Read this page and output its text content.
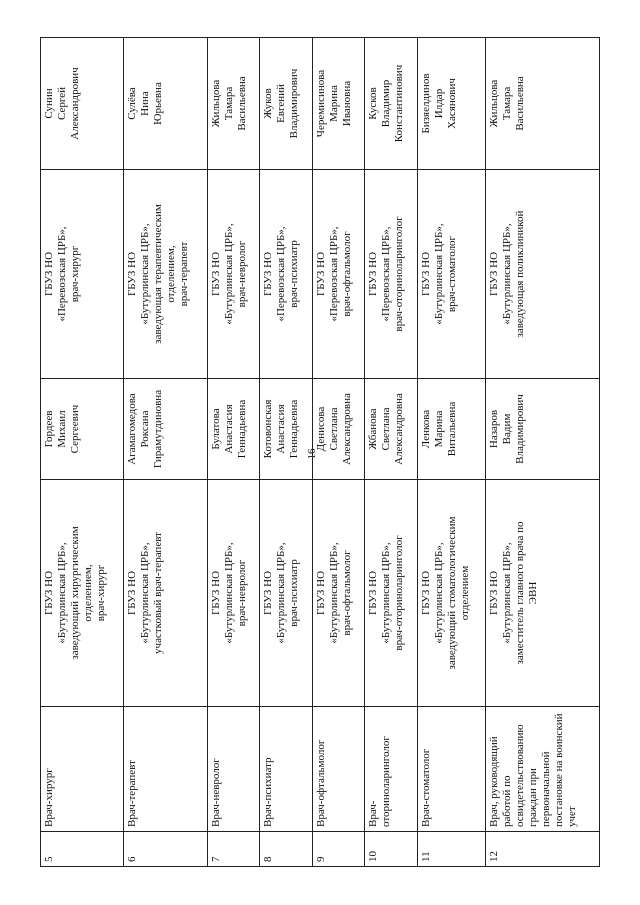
16
5	Врач-хирург	ГБУЗ НО «Бутурлинская ЦРБ», заведующий хирургическим отделением, врач-хирург	Гордеев Михаил Сергеевич	ГБУЗ НО «Перевозская ЦРБ», врач-хирург	Сунин Сергей Александрович

6	Врач-терапевт	ГБУЗ НО «Бутурлинская ЦРБ», участковый врач-терапевт	Агамагомедова Роксана Гирамутдиновна	ГБУЗ НО «Бутурлинская ЦРБ», заведующая терапевтическим отделением, врач-терапевт	Сулёва Нина Юрьевна

7	Врач-невролог	ГБУЗ НО «Бутурлинская ЦРБ», врач-невролог	Булатова Анастасия Геннадьевна	ГБУЗ НО «Бутурлинская ЦРБ», врач-невролог	Жильцова Тамара Васильевна

8	Врач-психиатр	ГБУЗ НО «Бутурлинская ЦРБ», врач-психиатр	Котовонская Анастасия Геннадьевна	ГБУЗ НО «Перевозская ЦРБ», врач-психиатр	Жуков Евгений Владимирович

9	Врач-офтальмолог	ГБУЗ НО «Бутурлинская ЦРБ», врач-офтальмолог	Денисова Светлана Александровна	ГБУЗ НО «Перевозская ЦРБ», врач-офтальмолог	Черемисинова Марина Ивановна

10	Врач-оториноларинголог	ГБУЗ НО «Бутурлинская ЦРБ», врач-оториноларинголог	Жбанова Светлана Александровна	ГБУЗ НО «Перевозская ЦРБ», врач-оториноларинголог	Кусков Владимир Константинович

11	Врач-стоматолог	ГБУЗ НО «Бутурлинская ЦРБ», заведующий стоматологическим отделением	Ленкова Марина Витальевна	ГБУЗ НО «Бутурлинская ЦРБ», врач-стоматолог	Бизяелдинов Илдар Хасянович

12	Врач, руководящий работой по освидетельствованию граждан при первоначальной постановке на воинский учет	ГБУЗ НО «Бутурлинская ЦРБ», заместитель главного врача по ЭВН	Назаров Вадим Владимирович	ГБУЗ НО «Бутурлинская ЦРБ», заведующая поликлиникой	Жильцова Тамара Васильевна
